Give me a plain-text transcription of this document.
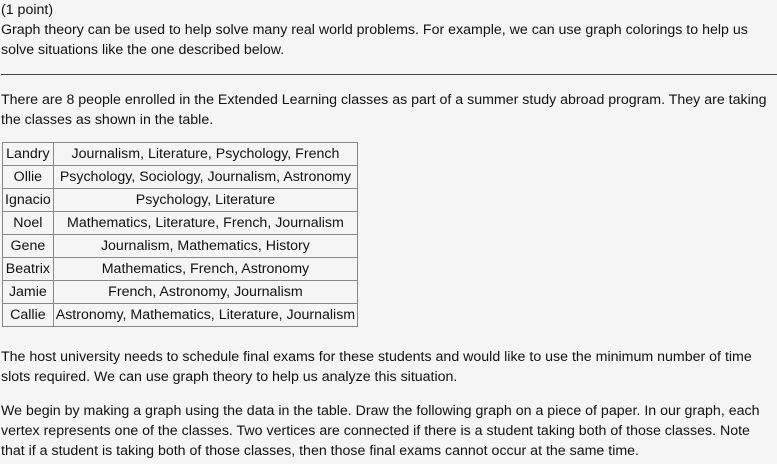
(1 point)

Graph theory can be used to help solve many real world problems. For example, we can use graph colorings to help us solve situations like the one described below.

There are 8 people enrolled in the Extended Learning classes as part of a summer study abroad program. They are taking the classes as shown in the table.

Landry	Journalism, Literature, Psychology, French
Ollie	Psychology, Sociology, Journalism, Astronomy
Ignacio	Psychology, Literature
Noel	Mathematics, Literature, French, Journalism
Gene	Journalism, Mathematics, History
Beatrix	Mathematics, French, Astronomy
Jamie	French, Astronomy, Journalism
Callie	Astronomy, Mathematics, Literature, Journalism

The host university needs to schedule final exams for these students and would like to use the minimum number of time slots required. We can use graph theory to help us analyze this situation.

We begin by making a graph using the data in the table. Draw the following graph on a piece of paper. In our graph, each vertex represents one of the classes. Two vertices are connected if there is a student taking both of those classes. Note that if a student is taking both of those classes, then those final exams cannot occur at the same time.
